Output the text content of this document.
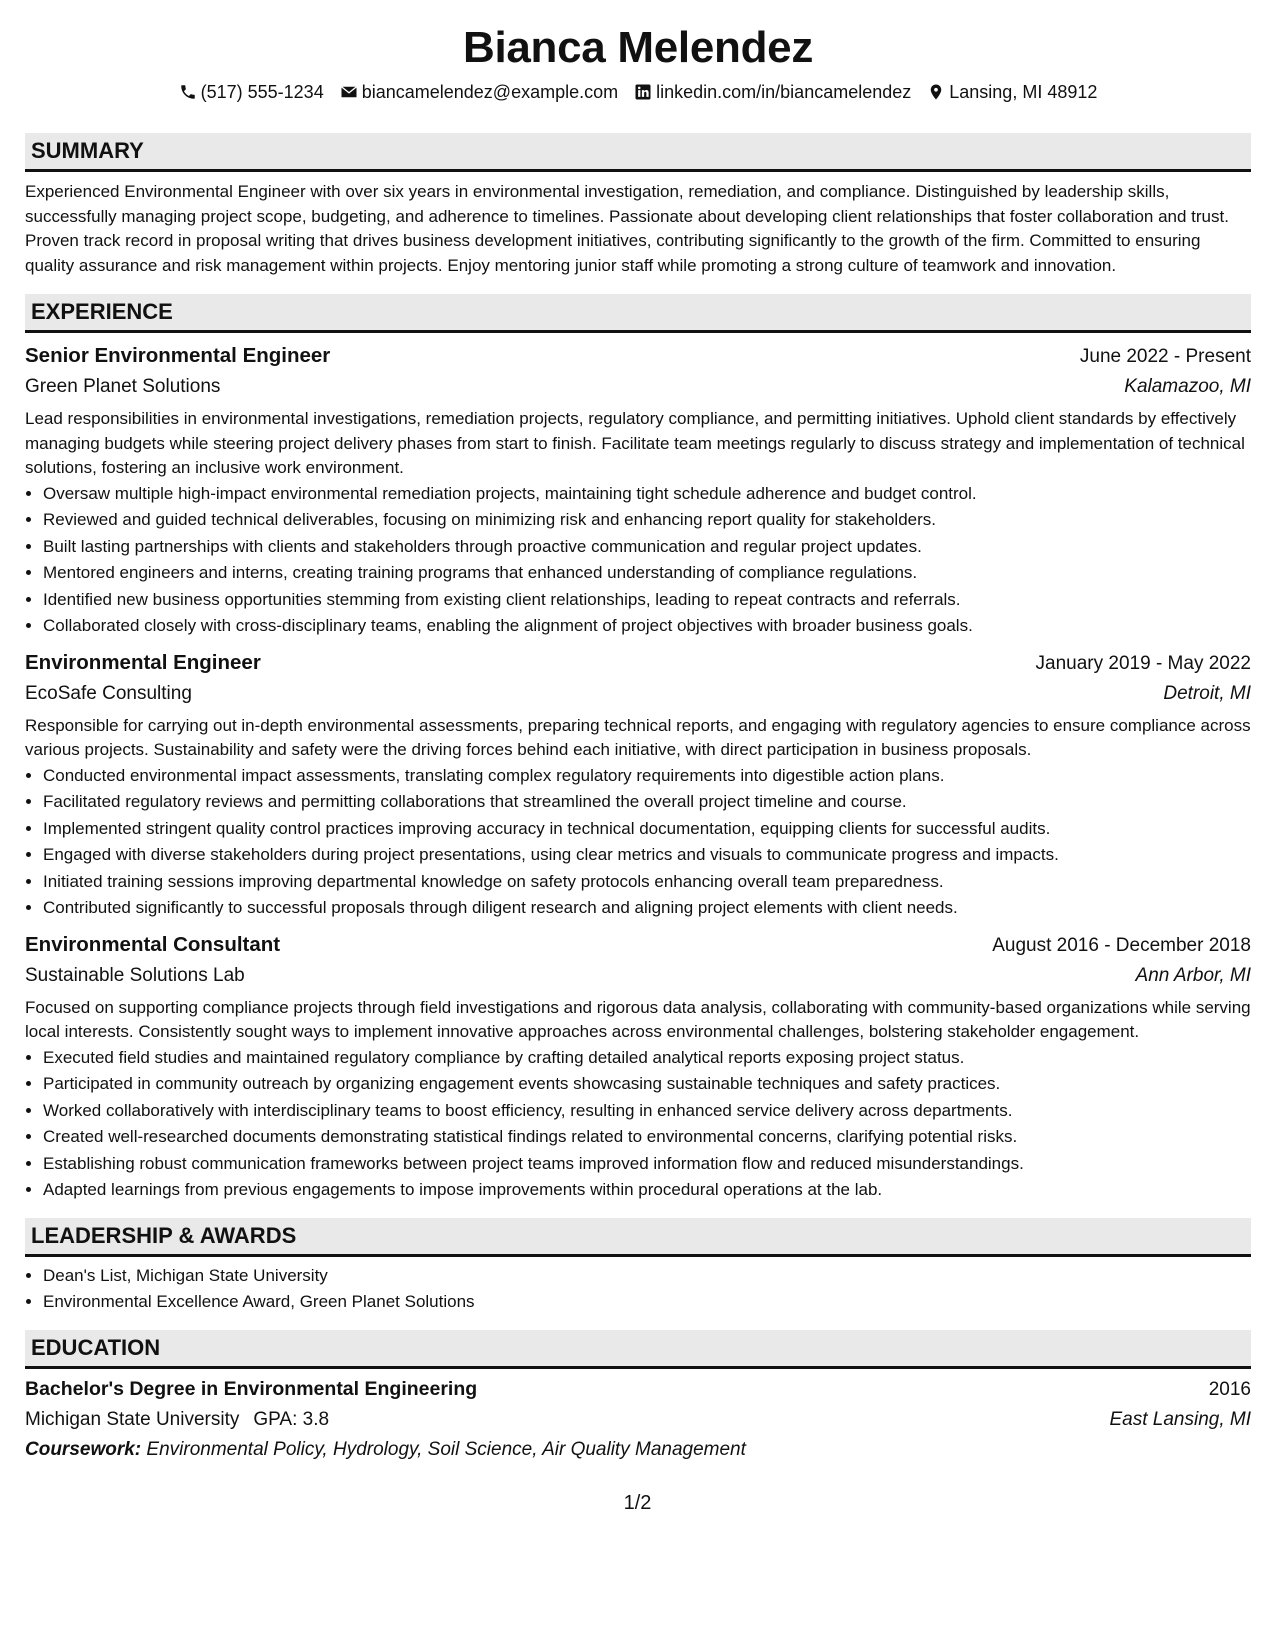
Bianca Melendez
(517) 555-1234 biancamelendez@example.com linkedin.com/in/biancamelendez Lansing, MI 48912
SUMMARY
Experienced Environmental Engineer with over six years in environmental investigation, remediation, and compliance. Distinguished by leadership skills, successfully managing project scope, budgeting, and adherence to timelines. Passionate about developing client relationships that foster collaboration and trust. Proven track record in proposal writing that drives business development initiatives, contributing significantly to the growth of the firm. Committed to ensuring quality assurance and risk management within projects. Enjoy mentoring junior staff while promoting a strong culture of teamwork and innovation.
EXPERIENCE
Senior Environmental Engineer	June 2022 - Present
Green Planet Solutions	Kalamazoo, MI
Lead responsibilities in environmental investigations, remediation projects, regulatory compliance, and permitting initiatives. Uphold client standards by effectively managing budgets while steering project delivery phases from start to finish. Facilitate team meetings regularly to discuss strategy and implementation of technical solutions, fostering an inclusive work environment.
• Oversaw multiple high-impact environmental remediation projects, maintaining tight schedule adherence and budget control.
• Reviewed and guided technical deliverables, focusing on minimizing risk and enhancing report quality for stakeholders.
• Built lasting partnerships with clients and stakeholders through proactive communication and regular project updates.
• Mentored engineers and interns, creating training programs that enhanced understanding of compliance regulations.
• Identified new business opportunities stemming from existing client relationships, leading to repeat contracts and referrals.
• Collaborated closely with cross-disciplinary teams, enabling the alignment of project objectives with broader business goals.
Environmental Engineer	January 2019 - May 2022
EcoSafe Consulting	Detroit, MI
Responsible for carrying out in-depth environmental assessments, preparing technical reports, and engaging with regulatory agencies to ensure compliance across various projects. Sustainability and safety were the driving forces behind each initiative, with direct participation in business proposals.
• Conducted environmental impact assessments, translating complex regulatory requirements into digestible action plans.
• Facilitated regulatory reviews and permitting collaborations that streamlined the overall project timeline and course.
• Implemented stringent quality control practices improving accuracy in technical documentation, equipping clients for successful audits.
• Engaged with diverse stakeholders during project presentations, using clear metrics and visuals to communicate progress and impacts.
• Initiated training sessions improving departmental knowledge on safety protocols enhancing overall team preparedness.
• Contributed significantly to successful proposals through diligent research and aligning project elements with client needs.
Environmental Consultant	August 2016 - December 2018
Sustainable Solutions Lab	Ann Arbor, MI
Focused on supporting compliance projects through field investigations and rigorous data analysis, collaborating with community-based organizations while serving local interests. Consistently sought ways to implement innovative approaches across environmental challenges, bolstering stakeholder engagement.
• Executed field studies and maintained regulatory compliance by crafting detailed analytical reports exposing project status.
• Participated in community outreach by organizing engagement events showcasing sustainable techniques and safety practices.
• Worked collaboratively with interdisciplinary teams to boost efficiency, resulting in enhanced service delivery across departments.
• Created well-researched documents demonstrating statistical findings related to environmental concerns, clarifying potential risks.
• Establishing robust communication frameworks between project teams improved information flow and reduced misunderstandings.
• Adapted learnings from previous engagements to impose improvements within procedural operations at the lab.
LEADERSHIP & AWARDS
• Dean's List, Michigan State University
• Environmental Excellence Award, Green Planet Solutions
EDUCATION
Bachelor's Degree in Environmental Engineering	2016
Michigan State University GPA: 3.8	East Lansing, MI
Coursework: Environmental Policy, Hydrology, Soil Science, Air Quality Management
1/2
